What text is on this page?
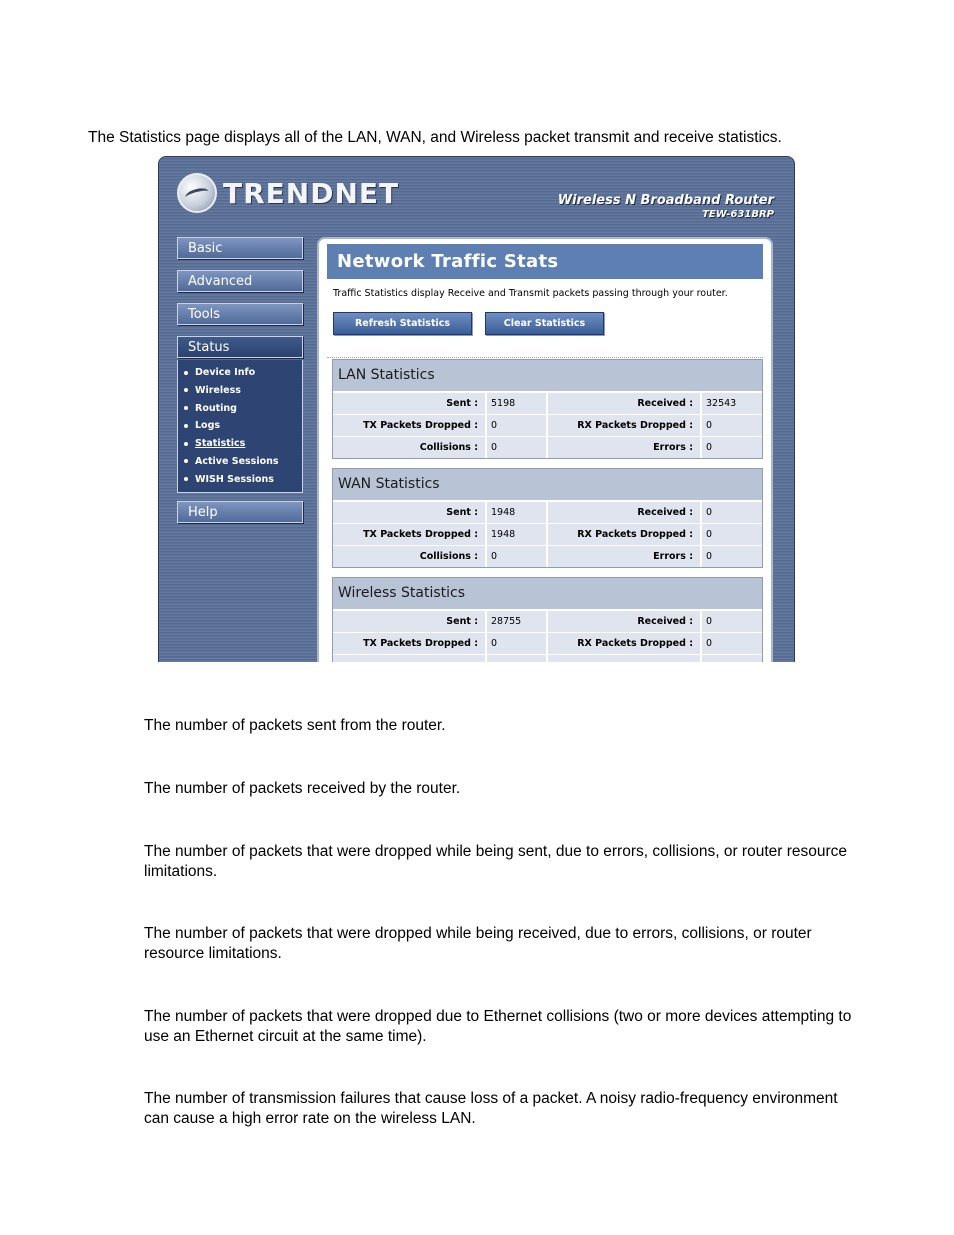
The Statistics page displays all of the LAN, WAN, and Wireless packet transmit and receive statistics.
TRENDNET	Wireless N Broadband Router
TEW-631BRP
Basic
Advanced
Tools
Status
Device Info
Wireless
Routing
Logs
Statistics
Active Sessions
WISH Sessions
Help
Network Traffic Stats
Traffic Statistics display Receive and Transmit packets passing through your router.
Refresh Statistics	Clear Statistics
LAN Statistics
Sent :	5198	Received :	32543
TX Packets Dropped :	0	RX Packets Dropped :	0
Collisions :	0	Errors :	0
WAN Statistics
Sent :	1948	Received :	0
TX Packets Dropped :	1948	RX Packets Dropped :	0
Collisions :	0	Errors :	0
Wireless Statistics
Sent :	28755	Received :	0
TX Packets Dropped :	0	RX Packets Dropped :	0
The number of packets sent from the router.
The number of packets received by the router.
The number of packets that were dropped while being sent, due to errors, collisions, or router resource limitations.
The number of packets that were dropped while being received, due to errors, collisions, or router resource limitations.
The number of packets that were dropped due to Ethernet collisions (two or more devices attempting to use an Ethernet circuit at the same time).
The number of transmission failures that cause loss of a packet. A noisy radio-frequency environment can cause a high error rate on the wireless LAN.
